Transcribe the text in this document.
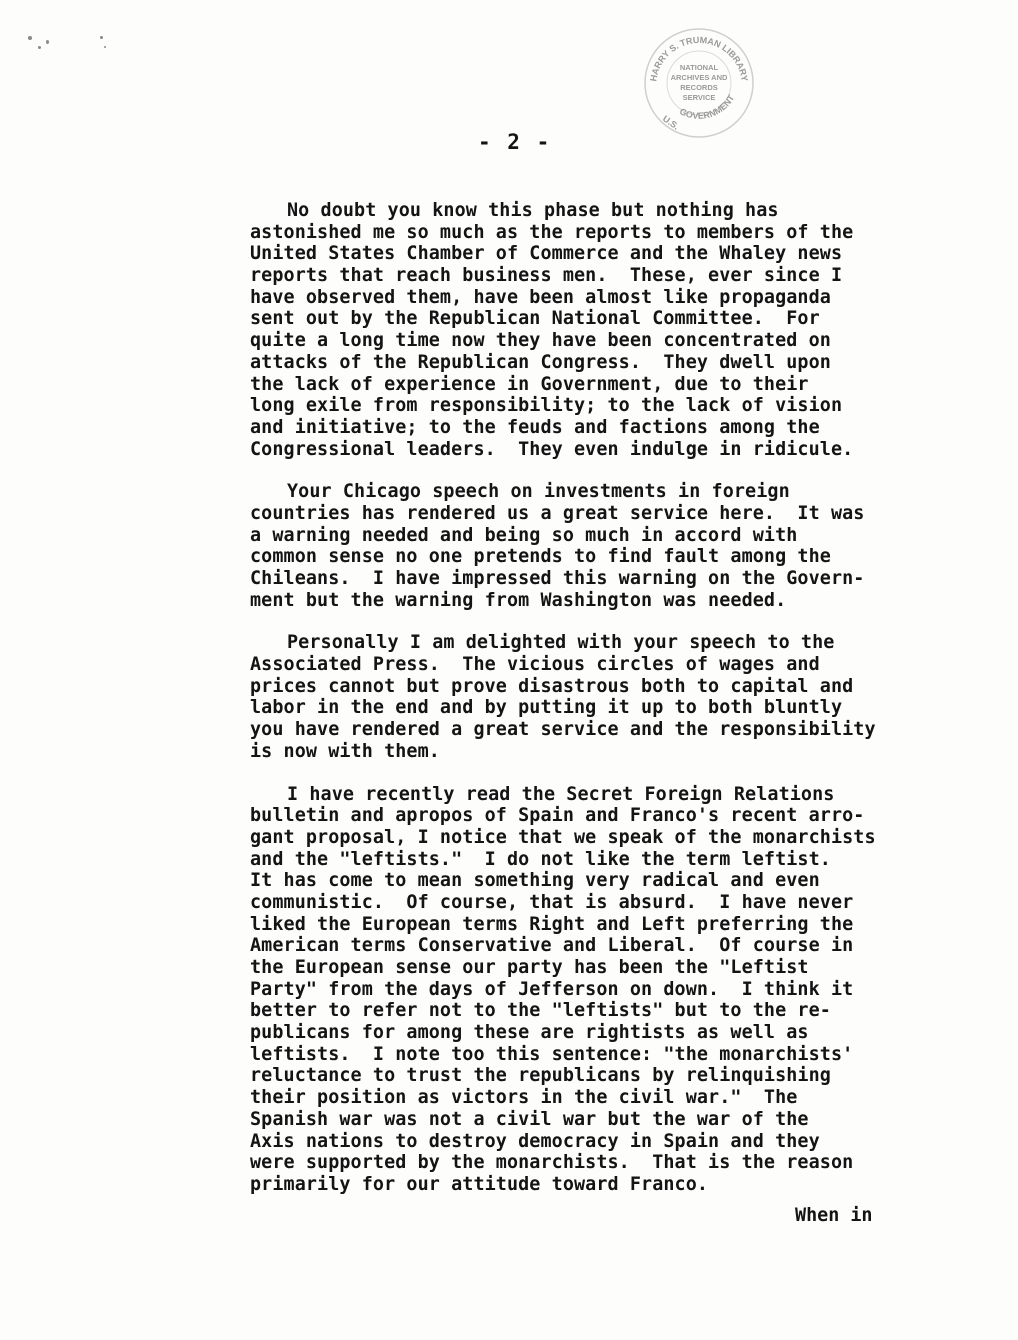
HARRY S. TRUMAN LIBRARY
NATIONAL
ARCHIVES AND
RECORDS
SERVICE
U.S.
GOVERNMENT
- 2 -
No doubt you know this phase but nothing has
astonished me so much as the reports to members of the
United States Chamber of Commerce and the Whaley news
reports that reach business men.  These, ever since I
have observed them, have been almost like propaganda
sent out by the Republican National Committee.  For
quite a long time now they have been concentrated on
attacks of the Republican Congress.  They dwell upon
the lack of experience in Government, due to their
long exile from responsibility; to the lack of vision
and initiative; to the feuds and factions among the
Congressional leaders.  They even indulge in ridicule.
Your Chicago speech on investments in foreign
countries has rendered us a great service here.  It was
a warning needed and being so much in accord with
common sense no one pretends to find fault among the
Chileans.  I have impressed this warning on the Govern-
ment but the warning from Washington was needed.
Personally I am delighted with your speech to the
Associated Press.  The vicious circles of wages and
prices cannot but prove disastrous both to capital and
labor in the end and by putting it up to both bluntly
you have rendered a great service and the responsibility
is now with them.
I have recently read the Secret Foreign Relations
bulletin and apropos of Spain and Franco's recent arro-
gant proposal, I notice that we speak of the monarchists
and the "leftists."  I do not like the term leftist.
It has come to mean something very radical and even
communistic.  Of course, that is absurd.  I have never
liked the European terms Right and Left preferring the
American terms Conservative and Liberal.  Of course in
the European sense our party has been the "Leftist
Party" from the days of Jefferson on down.  I think it
better to refer not to the "leftists" but to the re-
publicans for among these are rightists as well as
leftists.  I note too this sentence: "the monarchists'
reluctance to trust the republicans by relinquishing
their position as victors in the civil war."  The
Spanish war was not a civil war but the war of the
Axis nations to destroy democracy in Spain and they
were supported by the monarchists.  That is the reason
primarily for our attitude toward Franco.
When in
